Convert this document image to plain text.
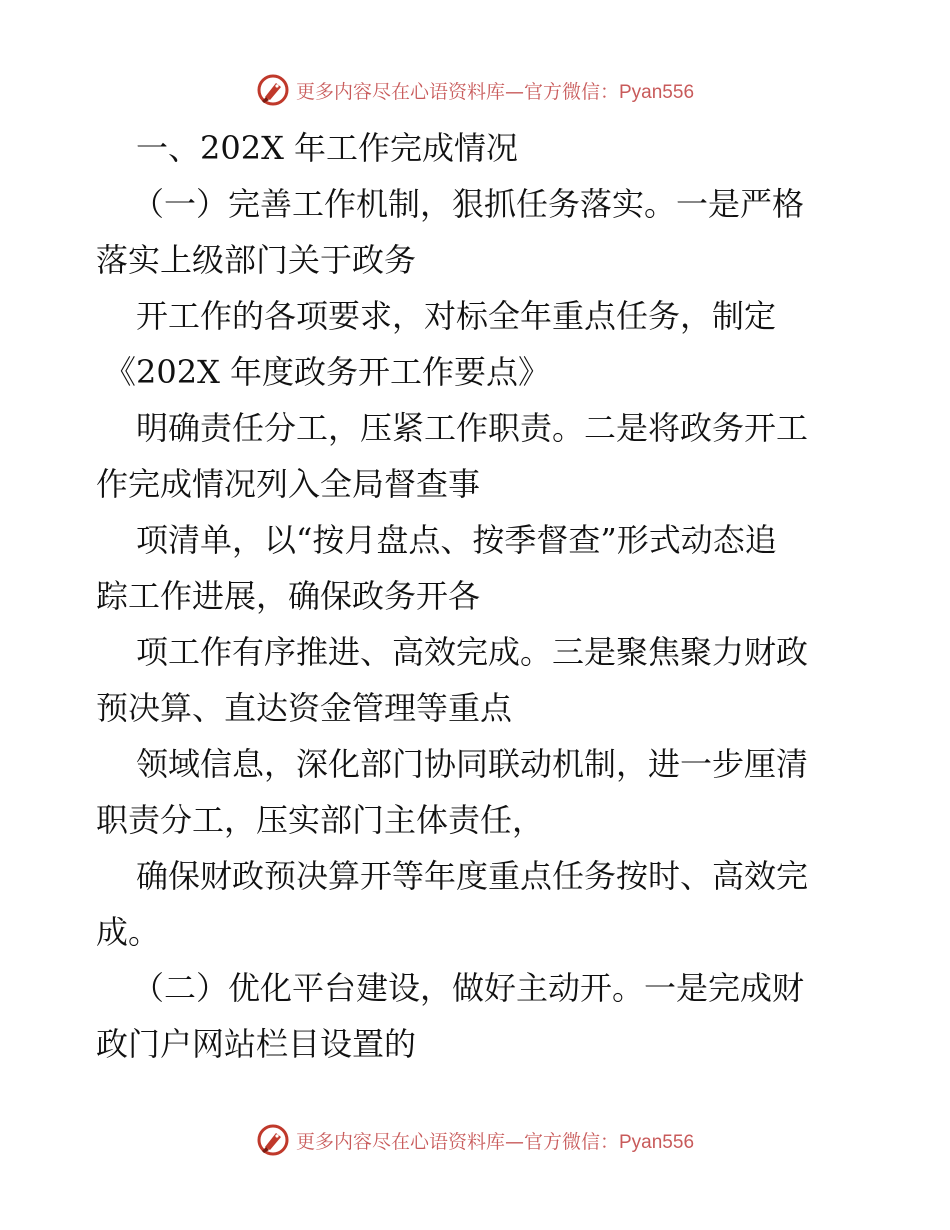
更多内容尽在心语资料库—官方微信：Pyan556
一、202X 年工作完成情况
（一）完善工作机制，狠抓任务落实。一是严格
落实上级部门关于政务
开工作的各项要求，对标全年重点任务，制定
《202X 年度政务开工作要点》
明确责任分工，压紧工作职责。二是将政务开工
作完成情况列入全局督查事
项清单，以“按月盘点、按季督查”形式动态追
踪工作进展，确保政务开各
项工作有序推进、高效完成。三是聚焦聚力财政
预决算、直达资金管理等重点
领域信息，深化部门协同联动机制，进一步厘清
职责分工，压实部门主体责任，
确保财政预决算开等年度重点任务按时、高效完
成。
（二）优化平台建设，做好主动开。一是完成财
政门户网站栏目设置的
更多内容尽在心语资料库—官方微信：Pyan556
